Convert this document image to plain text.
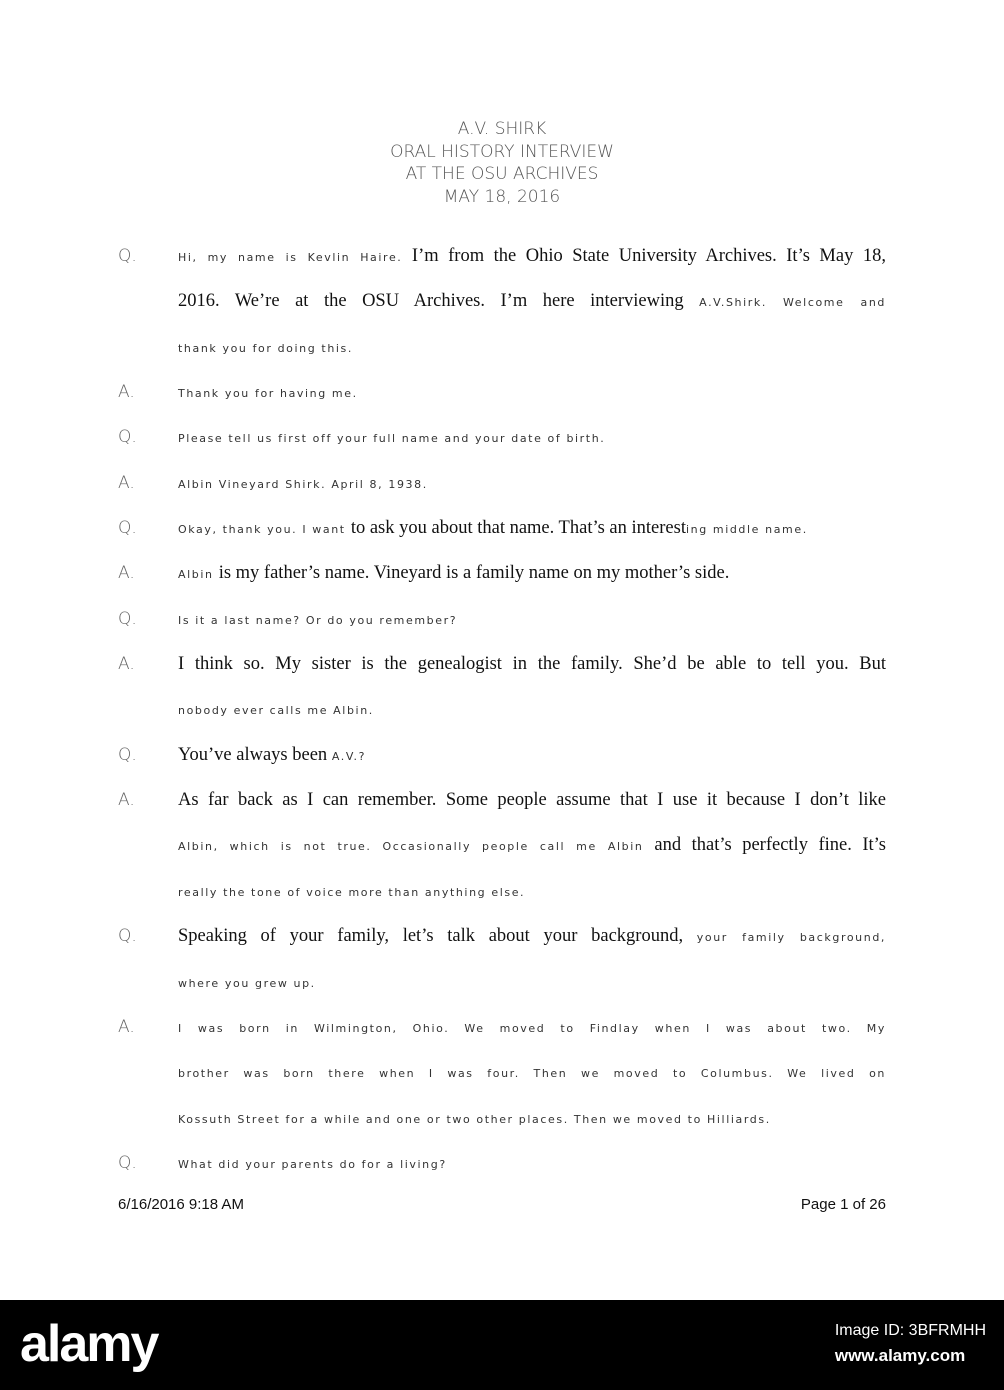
A.V. SHIRK
ORAL HISTORY INTERVIEW
AT THE OSU ARCHIVES
MAY 18, 2016
Q.	Hi, my name is Kevlin Haire. I’m from the Ohio State University Archives. It’s May 18,
2016. We’re at the OSU Archives. I’m here interviewing A.V.Shirk. Welcome and
thank you for doing this.
A.	Thank you for having me.
Q.	Please tell us first off your full name and your date of birth.
A.	Albin Vineyard Shirk. April 8, 1938.
Q.	Okay, thank you. I want to ask you about that name. That’s an interesting middle name.
A.	Albin is my father’s name. Vineyard is a family name on my mother’s side.
Q.	Is it a last name? Or do you remember?
A.	I think so. My sister is the genealogist in the family. She’d be able to tell you. But
nobody ever calls me Albin.
Q.	You’ve always been A.V.?
A.	As far back as I can remember. Some people assume that I use it because I don’t like
Albin, which is not true. Occasionally people call me Albin and that’s perfectly fine. It’s
really the tone of voice more than anything else.
Q.	Speaking of your family, let’s talk about your background, your family background,
where you grew up.
A.	I was born in Wilmington, Ohio. We moved to Findlay when I was about two. My
brother was born there when I was four. Then we moved to Columbus. We lived on
Kossuth Street for a while and one or two other places. Then we moved to Hilliards.
Q.	What did your parents do for a living?
6/16/2016 9:18 AM	Page 1 of 26
alamy	Image ID: 3BFRMHH
www.alamy.com
